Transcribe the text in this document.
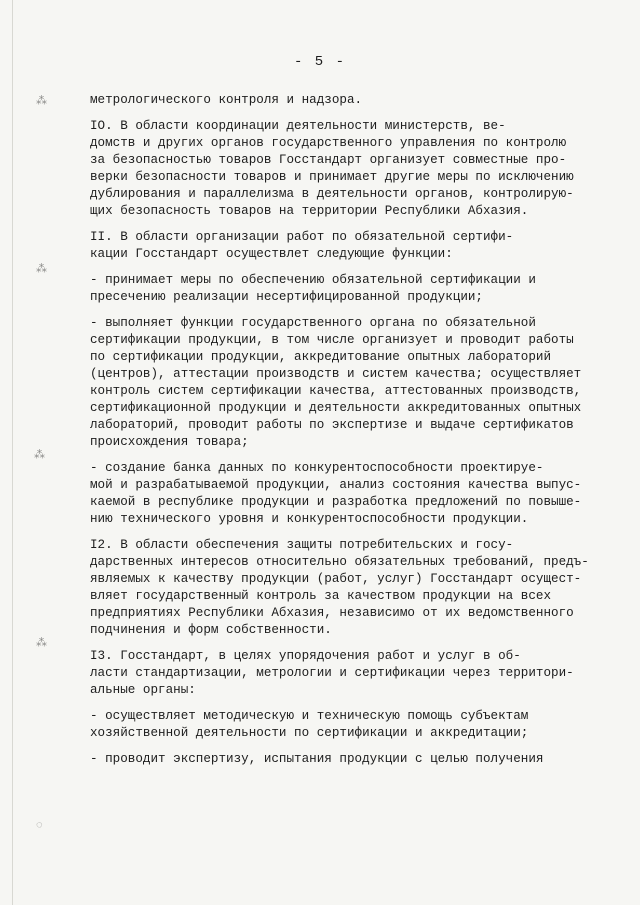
⁂
⁂
⁂
⁂
◌
- 5 -

метрологического контроля и надзора.

IO. В области координации деятельности министерств, ве-
домств и других органов государственного управления по контролю
за безопасностью товаров Госстандарт организует совместные про-
верки безопасности товаров и принимает другие меры по исключению
дублирования и параллелизма в деятельности органов, контролирую-
щих безопасность товаров на территории Республики Абхазия.

II. В области организации работ по обязательной сертифи-
кации Госстандарт осуществлет следующие функции:

- принимает меры по обеспечению обязательной сертификации и
пресечению реализации несертифицированной продукции;

- выполняет функции государственного органа по обязательной
сертификации продукции, в том числе организует и проводит работы
по сертификации продукции, аккредитование опытных лабораторий
(центров), аттестации производств и систем качества; осуществляет
контроль систем сертификации качества, аттестованных производств,
сертификационной продукции и деятельности аккредитованных опытных
лабораторий, проводит работы по экспертизе и выдаче сертификатов
происхождения товара;

- создание банка данных по конкурентоспособности проектируе-
мой и разрабатываемой продукции, анализ состояния качества выпус-
каемой в республике продукции и разработка предложений по повыше-
нию технического уровня и конкурентоспособности продукции.

I2. В области обеспечения защиты потребительских и госу-
дарственных интересов относительно обязательных требований, предъ-
являемых к качеству продукции (работ, услуг) Госстандарт осущест-
вляет государственный контроль за качеством продукции на всех
предприятиях Республики Абхазия, независимо от их ведомственного
подчинения и форм собственности.

I3. Госстандарт, в целях упорядочения работ и услуг в об-
ласти стандартизации, метрологии и сертификации через территори-
альные органы:

- осуществляет методическую и техническую помощь субъектам
хозяйственной деятельности по сертификации и аккредитации;

- проводит экспертизу, испытания продукции с целью получения
